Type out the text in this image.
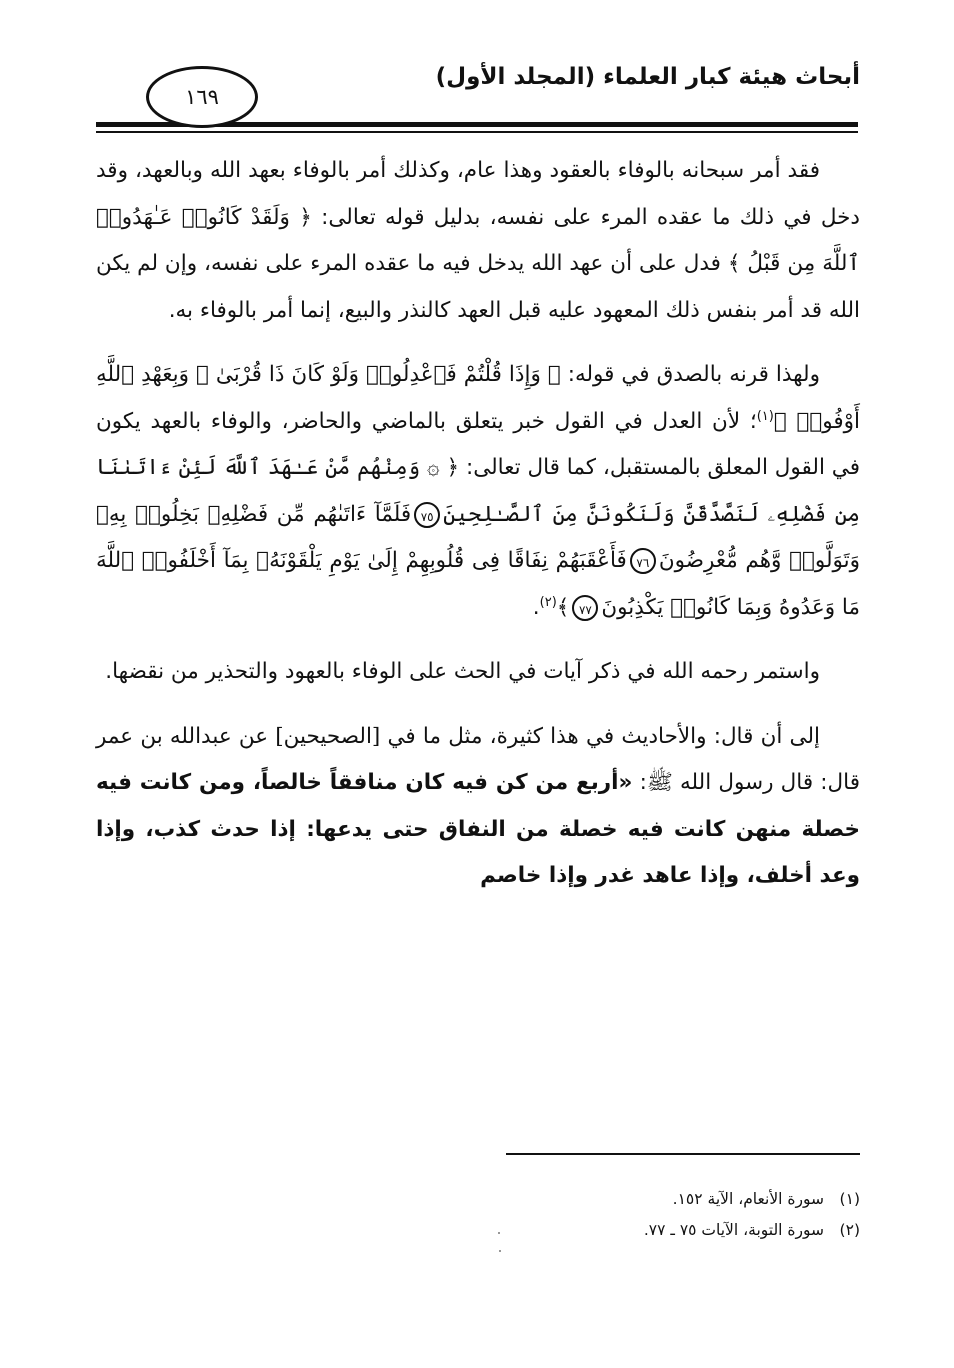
أبحاث هيئة كبار العلماء (المجلد الأول)
١٦٩

فقد أمر سبحانه بالوفاء بالعقود وهذا عام، وكذلك أمر بالوفاء بعهد الله وبالعهد، وقد دخل في ذلك ما عقده المرء على نفسه، بدليل قوله تعالى: ﴿ وَلَقَدْ كَانُوا۟ عَـٰهَدُوا۟ ٱللَّهَ مِن قَبْلُ ﴾ فدل على أن عهد الله يدخل فيه ما عقده المرء على نفسه، وإن لم يكن الله قد أمر بنفس ذلك المعهود عليه قبل العهد كالنذر والبيع، إنما أمر بالوفاء به.

ولهذا قرنه بالصدق في قوله: ﴿ وَإِذَا قُلْتُمْ فَٱعْدِلُوا۟ وَلَوْ كَانَ ذَا قُرْبَىٰ ۖ وَبِعَهْدِ ٱللَّهِ أَوْفُوا۟ ﴾$^{(١)}$؛ لأن العدل في القول خبر يتعلق بالماضي والحاضر، والوفاء بالعهد يكون في القول المعلق بالمستقبل، كما قال تعالى: ﴿ ۞ وَمِنْهُم مَّنْ عَـٰهَدَ ٱللَّهَ لَئِنْ ءَاتَىٰنَا مِن فَضْلِهِۦ لَنَصَّدَّقَنَّ وَلَنَكُونَنَّ مِنَ ٱلصَّـٰلِحِينَ٧٥فَلَمَّآ ءَاتَىٰهُم مِّن فَضْلِهِۦ بَخِلُوا۟ بِهِۦ وَتَوَلَّوا۟ وَّهُم مُّعْرِضُونَ٧٦فَأَعْقَبَهُمْ نِفَاقًا فِى قُلُوبِهِمْ إِلَىٰ يَوْمِ يَلْقَوْنَهُۥ بِمَآ أَخْلَفُوا۟ ٱللَّهَ مَا وَعَدُوهُ وَبِمَا كَانُوا۟ يَكْذِبُونَ٧٧﴾$^{(٢)}$.

واستمر رحمه الله في ذكر آيات في الحث على الوفاء بالعهود والتحذير من نقضها.

إلى أن قال: والأحاديث في هذا كثيرة، مثل ما في [الصحيحين] عن عبدالله بن عمر قال: قال رسول الله ﷺ: «أربع من كن فيه كان منافقاً خالصاً، ومن كانت فيه خصلة منهن كانت فيه خصلة من النفاق حتى يدعها: إذا حدث كذب، وإذا وعد أخلف، وإذا عاهد غدر وإذا خاصم

(١)سورة الأنعام، الآية ١٥٢.
(٢)سورة التوبة، الآيات ٧٥ ـ ٧٧.
